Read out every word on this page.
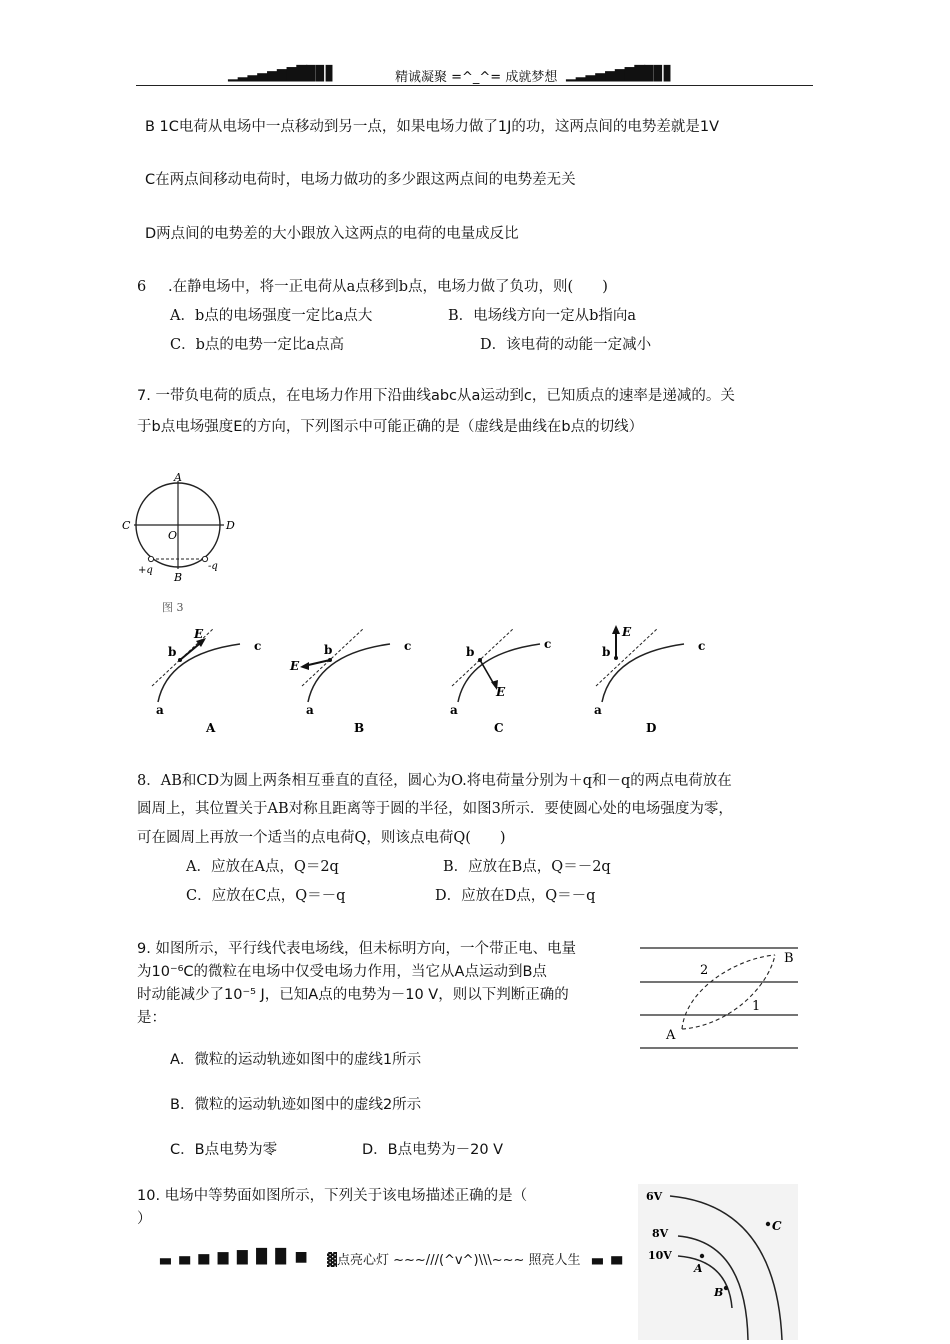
▁▂▃▄▅▆▇█▉▊▋	精诚凝聚 =^_^= 成就梦想 ▁▂▃▄▅▆▇█▉▊▋
B 1C电荷从电场中一点移动到另一点，如果电场力做了1J的功，这两点间的电势差就是1V
C在两点间移动电荷时，电场力做功的多少跟这两点间的电势差无关
D两点间的电势差的大小跟放入这两点的电荷的电量成反比
6 .在静电场中，将一正电荷从a点移到b点，电场力做了负功，则(　　)
A．b点的电场强度一定比a点大	B．电场线方向一定从b指向a
C．b点的电势一定比a点高	D．该电荷的动能一定减小
7. 一带负电荷的质点，在电场力作用下沿曲线abc从a运动到c，已知质点的速率是递减的。关
于b点电场强度E的方向，下列图示中可能正确的是（虚线是曲线在b点的切线）
A
B
C	D
O
+q	-q
图 3
b
E
c
a
A
b
E
c
a
B
b
E
c
a
C
b
E
c
a
D
8．AB和CD为圆上两条相互垂直的直径，圆心为O.将电荷量分别为＋q和－q的两点电荷放在
圆周上，其位置关于AB对称且距离等于圆的半径，如图3所示．要使圆心处的电场强度为零，
可在圆周上再放一个适当的点电荷Q，则该点电荷Q(　　)
A．应放在A点，Q＝2q	B．应放在B点，Q＝－2q
C．应放在C点，Q＝－q	D．应放在D点，Q＝－q
9. 如图所示，平行线代表电场线，但未标明方向，一个带正电、电量
为10⁻⁶C的微粒在电场中仅受电场力作用，当它从A点运动到B点
时动能减少了10⁻⁵ J，已知A点的电势为－10 V，则以下判断正确的
是：
A．微粒的运动轨迹如图中的虚线1所示
B．微粒的运动轨迹如图中的虚线2所示
C．B点电势为零	D．B点电势为－20 V
A
B
2
1
10. 电场中等势面如图所示，下列关于该电场描述正确的是（
）
6V
8V
10V
C
A
B
▃ ▄ ▅ ▆ ▇ █ █ ■ ▓点亮心灯 ~~~///(^v^)\\\~~~ 照亮人生 ▃ ▄
